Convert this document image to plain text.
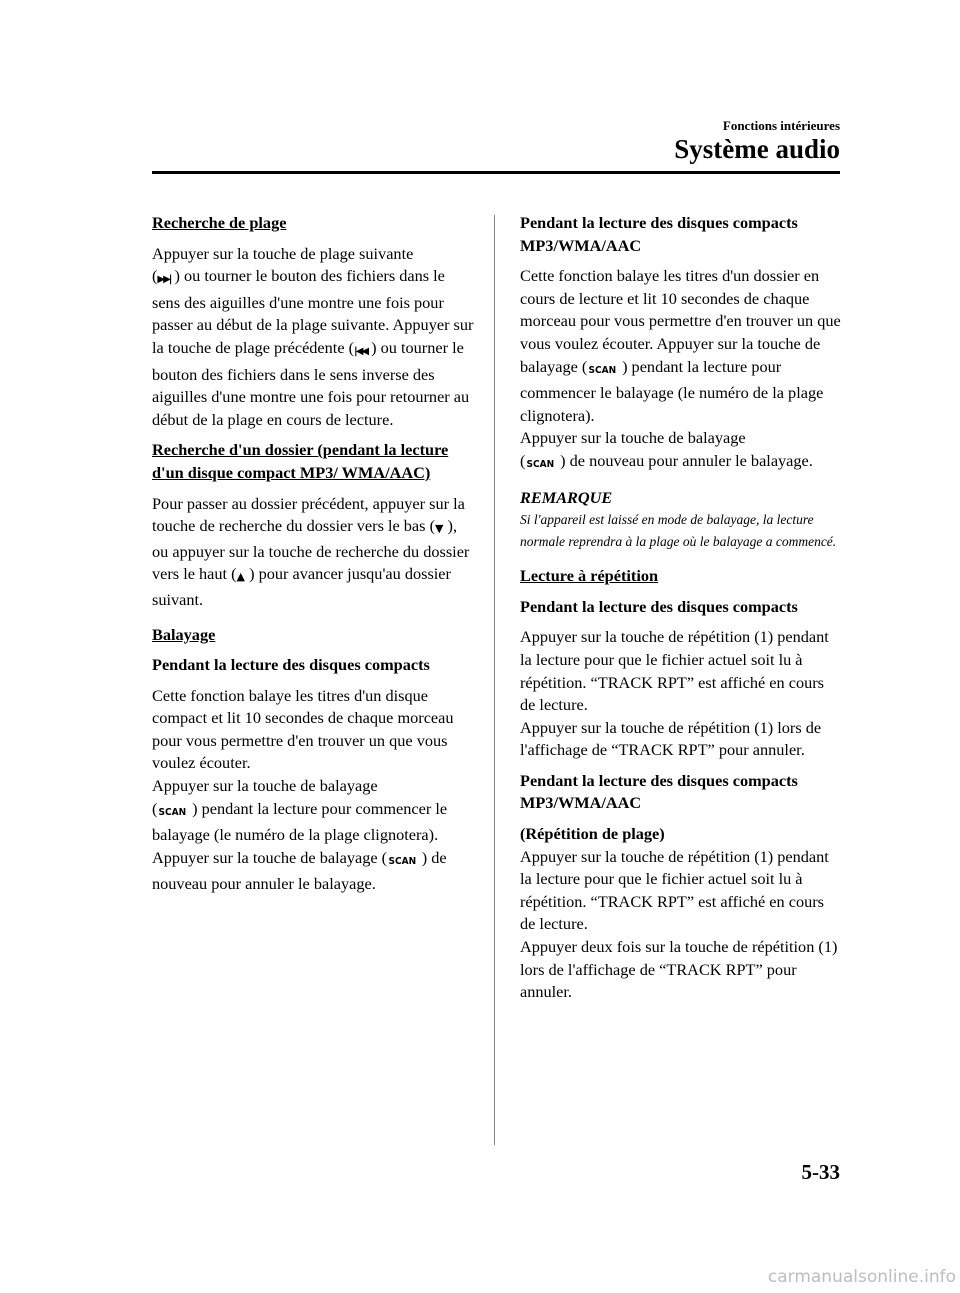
Fonctions intérieures
Système audio
Recherche de plage

Appuyer sur la touche de plage suivante
(▶▶| ) ou tourner le bouton des fichiers dans le sens des aiguilles d'une montre une fois pour passer au début de la plage suivante. Appuyer sur la touche de plage précédente (|◀◀ ) ou tourner le bouton des fichiers dans le sens inverse des aiguilles d'une montre une fois pour retourner au début de la plage en cours de lecture.

Recherche d'un dossier (pendant la lecture d'un disque compact MP3/ WMA/AAC)

Pour passer au dossier précédent, appuyer sur la touche de recherche du dossier vers le bas (▼ ), ou appuyer sur la touche de recherche du dossier vers le haut (▲ ) pour avancer jusqu'au dossier suivant.

Balayage
Pendant la lecture des disques compacts

Cette fonction balaye les titres d'un disque compact et lit 10 secondes de chaque morceau pour vous permettre d'en trouver un que vous voulez écouter.
Appuyer sur la touche de balayage
( SCAN ) pendant la lecture pour commencer le balayage (le numéro de la plage clignotera). Appuyer sur la touche de balayage ( SCAN ) de nouveau pour annuler le balayage.

Pendant la lecture des disques compacts MP3/WMA/AAC

Cette fonction balaye les titres d'un dossier en cours de lecture et lit 10 secondes de chaque morceau pour vous permettre d'en trouver un que vous voulez écouter. Appuyer sur la touche de balayage ( SCAN ) pendant la lecture pour commencer le balayage (le numéro de la plage clignotera).
Appuyer sur la touche de balayage
( SCAN ) de nouveau pour annuler le balayage.

REMARQUE
Si l'appareil est laissé en mode de balayage, la lecture normale reprendra à la plage où le balayage a commencé.
Lecture à répétition
Pendant la lecture des disques compacts

Appuyer sur la touche de répétition (1) pendant la lecture pour que le fichier actuel soit lu à répétition. “TRACK RPT” est affiché en cours de lecture.
Appuyer sur la touche de répétition (1) lors de l'affichage de “TRACK RPT” pour annuler.

Pendant la lecture des disques compacts MP3/WMA/AAC
(Répétition de plage)

Appuyer sur la touche de répétition (1) pendant la lecture pour que le fichier actuel soit lu à répétition. “TRACK RPT” est affiché en cours de lecture.
Appuyer deux fois sur la touche de répétition (1) lors de l'affichage de “TRACK RPT” pour annuler.

5-33
carmanualsonline.info
